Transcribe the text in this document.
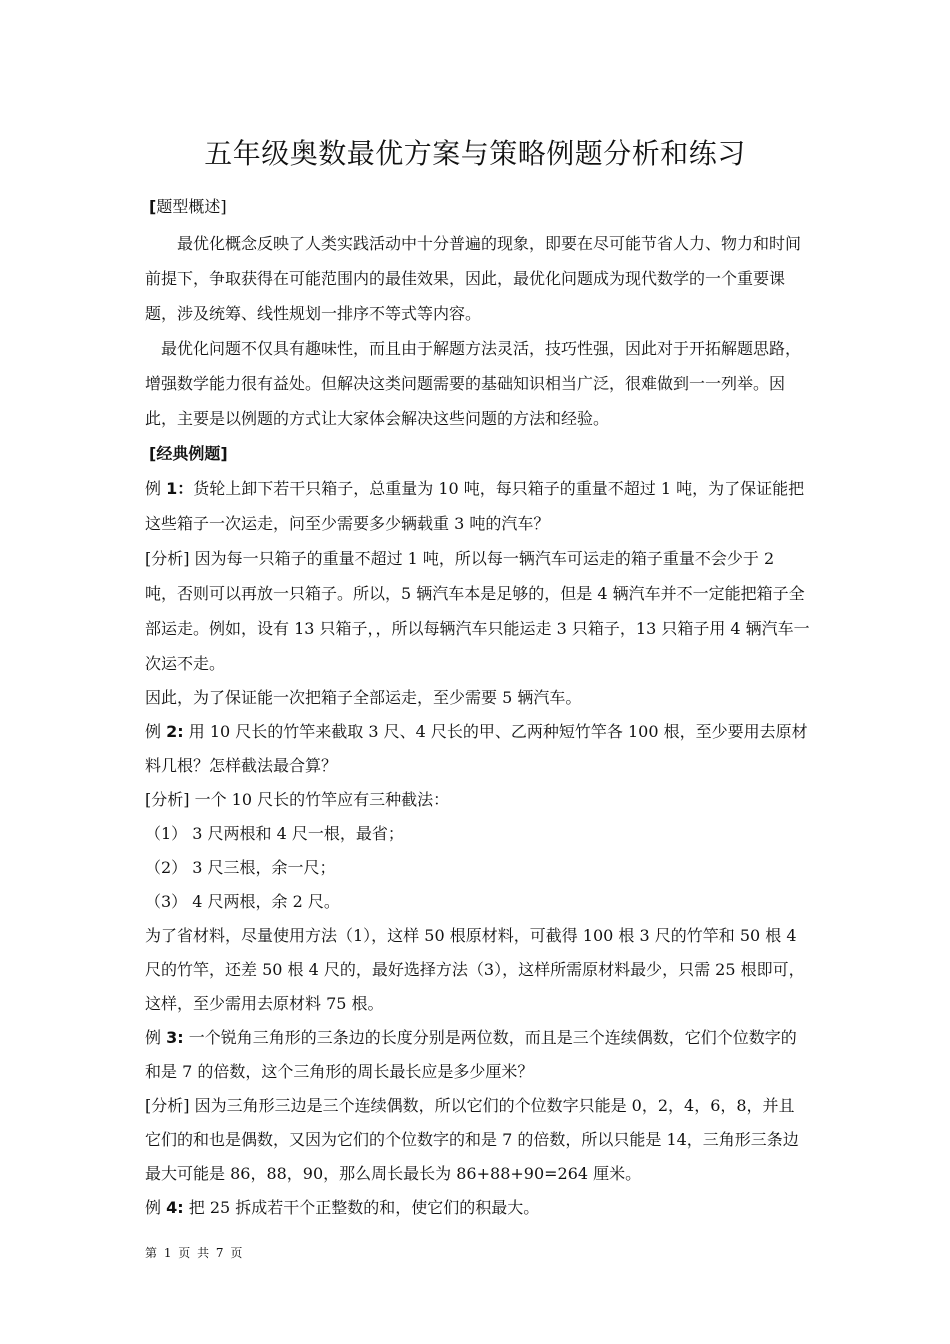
五年级奥数最优方案与策略例题分析和练习

[题型概述]

最优化概念反映了人类实践活动中十分普遍的现象，即要在尽可能节省人力、物力和时间前提下，争取获得在可能范围内的最佳效果，因此，最优化问题成为现代数学的一个重要课题，涉及统筹、线性规划一排序不等式等内容。

最优化问题不仅具有趣味性，而且由于解题方法灵活，技巧性强，因此对于开拓解题思路，增强数学能力很有益处。但解决这类问题需要的基础知识相当广泛，很难做到一一列举。因此，主要是以例题的方式让大家体会解决这些问题的方法和经验。

[经典例题]

例 1：货轮上卸下若干只箱子，总重量为 10 吨，每只箱子的重量不超过 1 吨，为了保证能把这些箱子一次运走，问至少需要多少辆载重 3 吨的汽车？

[分析] 因为每一只箱子的重量不超过 1 吨，所以每一辆汽车可运走的箱子重量不会少于 2 吨，否则可以再放一只箱子。所以，5 辆汽车本是足够的，但是 4 辆汽车并不一定能把箱子全部运走。例如，设有 13 只箱子，，所以每辆汽车只能运走 3 只箱子，13 只箱子用 4 辆汽车一次运不走。

因此，为了保证能一次把箱子全部运走，至少需要 5 辆汽车。

例 2: 用 10 尺长的竹竿来截取 3 尺、4 尺长的甲、乙两种短竹竿各 100 根，至少要用去原材料几根？怎样截法最合算？

[分析] 一个 10 尺长的竹竿应有三种截法：

（1） 3 尺两根和 4 尺一根，最省；

（2） 3 尺三根，余一尺；

（3） 4 尺两根，余 2 尺。

为了省材料，尽量使用方法（1），这样 50 根原材料，可截得 100 根 3 尺的竹竿和 50 根 4 尺的竹竿，还差 50 根 4 尺的，最好选择方法（3），这样所需原材料最少，只需 25 根即可，这样，至少需用去原材料 75 根。

例 3: 一个锐角三角形的三条边的长度分别是两位数，而且是三个连续偶数，它们个位数字的和是 7 的倍数，这个三角形的周长最长应是多少厘米？

[分析] 因为三角形三边是三个连续偶数，所以它们的个位数字只能是 0，2，4，6，8，并且它们的和也是偶数，又因为它们的个位数字的和是 7 的倍数，所以只能是 14，三角形三条边最大可能是 86，88，90，那么周长最长为 86+88+90=264 厘米。

例 4: 把 25 拆成若干个正整数的和，使它们的积最大。

第 1 页 共 7 页
